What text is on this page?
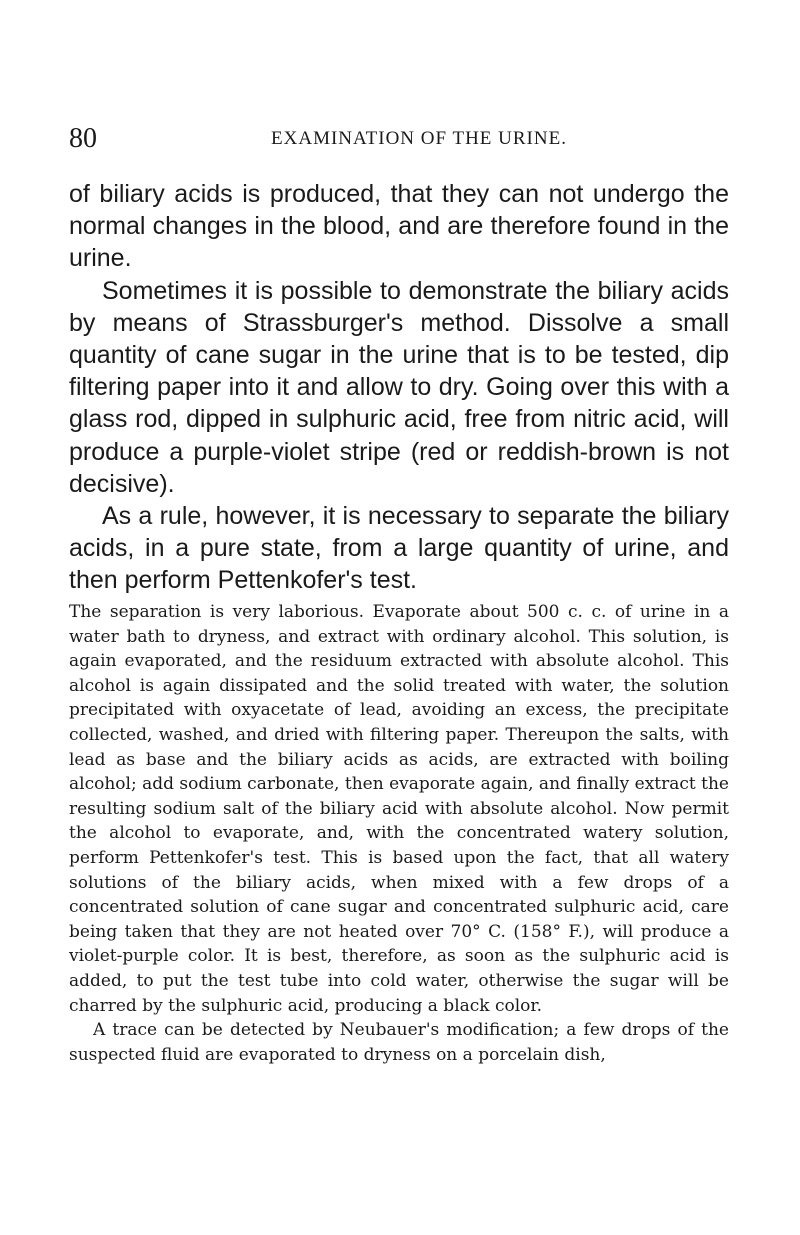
80	EXAMINATION OF THE URINE.

of biliary acids is produced, that they can not undergo the normal changes in the blood, and are therefore found in the urine.

Sometimes it is possible to demonstrate the biliary acids by means of Strassburger's method. Dissolve a small quantity of cane sugar in the urine that is to be tested, dip filtering paper into it and allow to dry. Going over this with a glass rod, dipped in sulphuric acid, free from nitric acid, will produce a purple-violet stripe (red or reddish-brown is not decisive).

As a rule, however, it is necessary to separate the biliary acids, in a pure state, from a large quantity of urine, and then perform Pettenkofer's test.

The separation is very laborious. Evaporate about 500 c. c. of urine in a water bath to dryness, and extract with ordinary alcohol. This solution, is again evaporated, and the residuum extracted with absolute alcohol. This alcohol is again dissipated and the solid treated with water, the solution precipitated with oxyacetate of lead, avoiding an excess, the precipitate collected, washed, and dried with filtering paper. Thereupon the salts, with lead as base and the biliary acids as acids, are extracted with boiling alcohol; add sodium carbonate, then evaporate again, and finally extract the resulting sodium salt of the biliary acid with absolute alcohol. Now permit the alcohol to evaporate, and, with the concentrated watery solution, perform Pettenkofer's test. This is based upon the fact, that all watery solutions of the biliary acids, when mixed with a few drops of a concentrated solution of cane sugar and concentrated sulphuric acid, care being taken that they are not heated over 70° C. (158° F.), will produce a violet-purple color. It is best, therefore, as soon as the sulphuric acid is added, to put the test tube into cold water, otherwise the sugar will be charred by the sulphuric acid, producing a black color.

A trace can be detected by Neubauer's modification; a few drops of the suspected fluid are evaporated to dryness on a porcelain dish,
